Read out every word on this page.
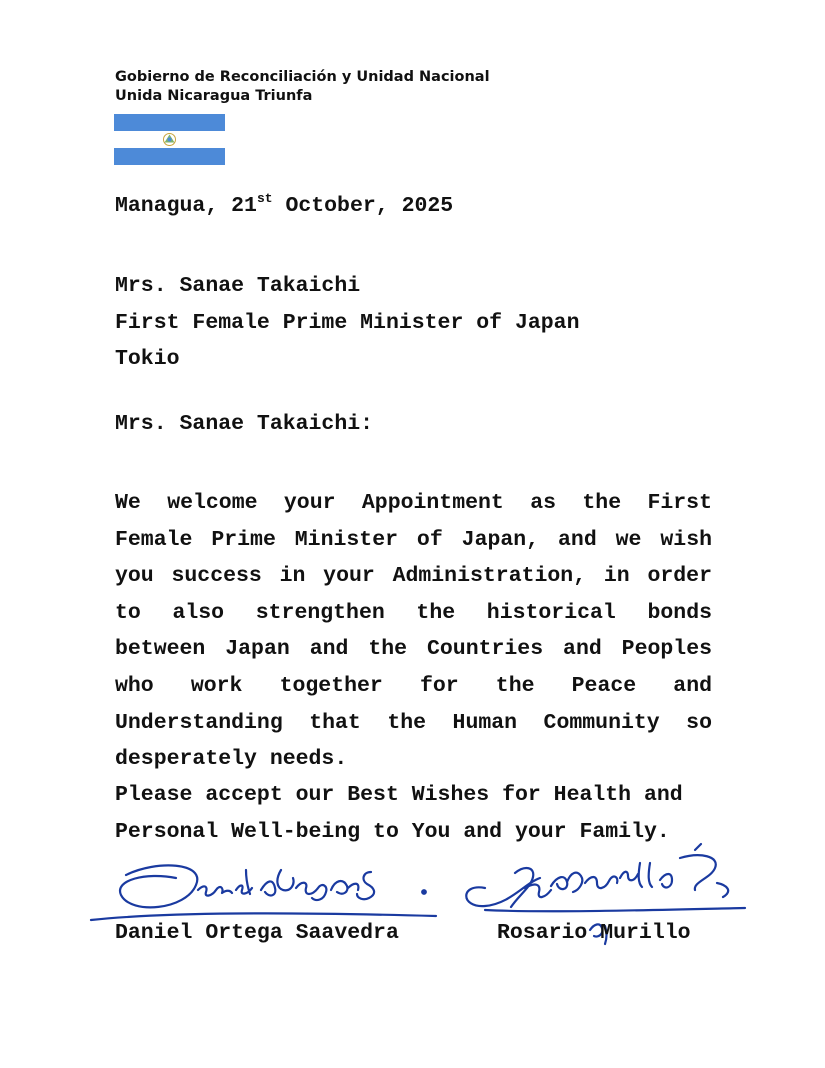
Gobierno de Reconciliación y Unidad Nacional
Unida Nicaragua Triunfa
Managua, 21st October, 2025
Mrs. Sanae Takaichi
First Female Prime Minister of Japan
Tokio
Mrs. Sanae Takaichi:
We welcome your Appointment as the First Female Prime Minister of Japan, and we wish you success in your Administration, in order to also strengthen the historical bonds between Japan and the Countries and Peoples who work together for the Peace and Understanding that the Human Community so desperately needs.
Please accept our Best Wishes for Health and Personal Well-being to You and your Family.
Daniel Ortega Saavedra	Rosario Murillo
